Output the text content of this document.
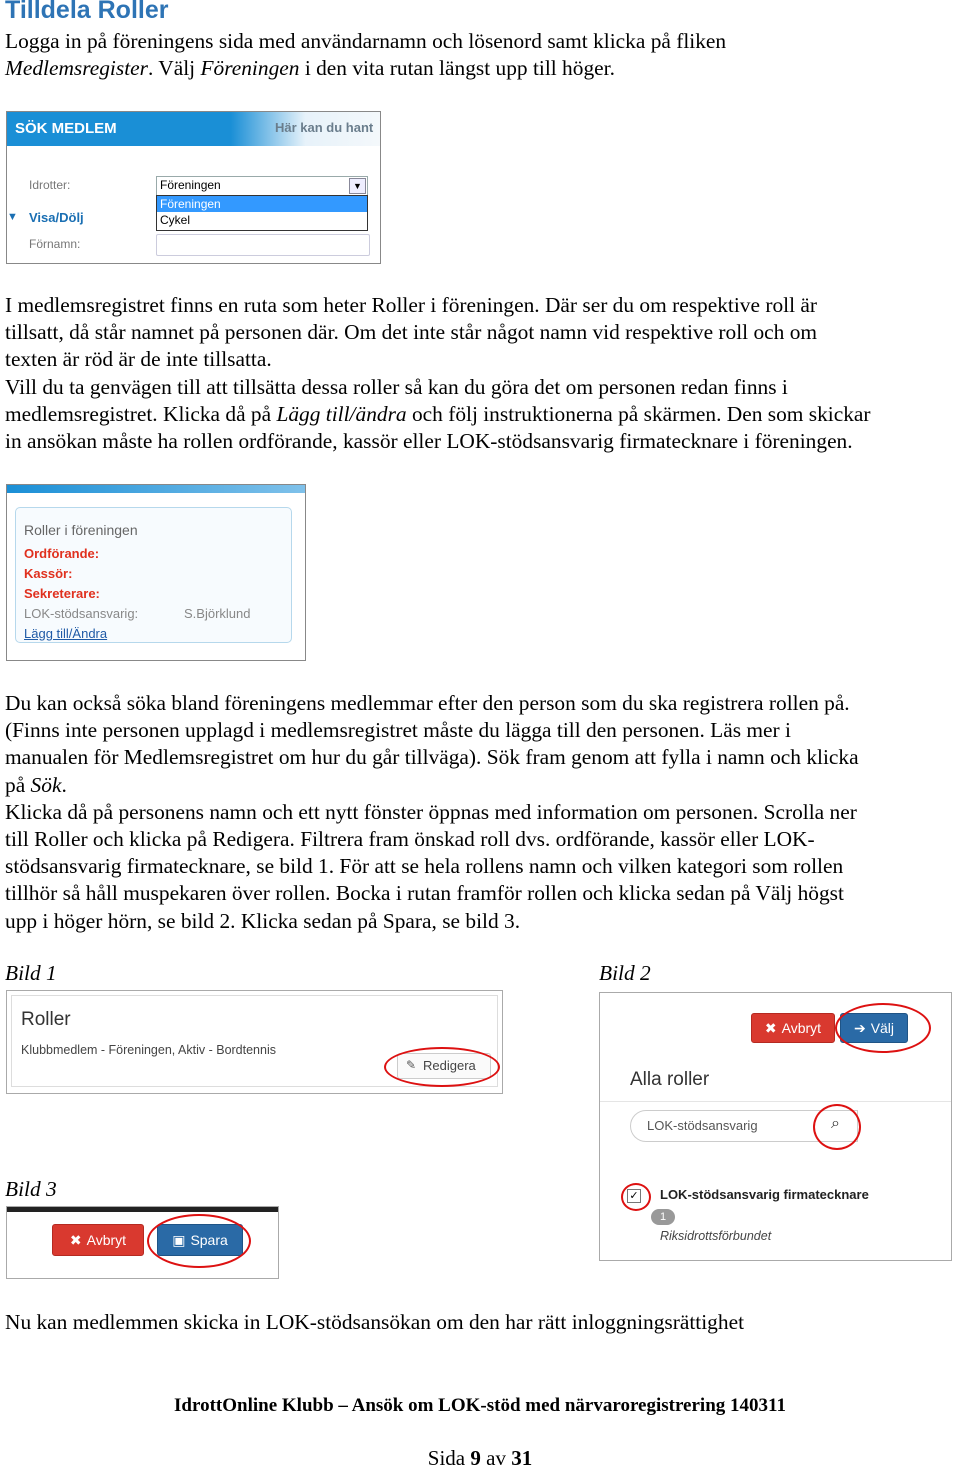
Tilldela Roller
Logga in på föreningens sida med användarnamn och lösenord samt klicka på fliken
Medlemsregister. Välj Föreningen i den vita rutan längst upp till höger.
SÖK MEDLEM	Här kan du hant
Idrotter:	Föreningen	▼
Föreningen
Cykel
▼ Visa/Dölj
Förnamn:
I medlemsregistret finns en ruta som heter Roller i föreningen. Där ser du om respektive roll är
tillsatt, då står namnet på personen där. Om det inte står något namn vid respektive roll och om
texten är röd är de inte tillsatta.
Vill du ta genvägen till att tillsätta dessa roller så kan du göra det om personen redan finns i
medlemsregistret. Klicka då på Lägg till/ändra och följ instruktionerna på skärmen. Den som skickar
in ansökan måste ha rollen ordförande, kassör eller LOK-stödsansvarig firmatecknare i föreningen.
Roller i föreningen
Ordförande:
Kassör:
Sekreterare:
LOK-stödsansvarig:	S.Björklund
Lägg till/Ändra
Du kan också söka bland föreningens medlemmar efter den person som du ska registrera rollen på.
(Finns inte personen upplagd i medlemsregistret måste du lägga till den personen. Läs mer i
manualen för Medlemsregistret om hur du går tillväga). Sök fram genom att fylla i namn och klicka
på Sök.
Klicka då på personens namn och ett nytt fönster öppnas med information om personen. Scrolla ner
till Roller och klicka på Redigera. Filtrera fram önskad roll dvs. ordförande, kassör eller LOK-
stödsansvarig firmatecknare, se bild 1. För att se hela rollens namn och vilken kategori som rollen
tillhör så håll muspekaren över rollen. Bocka i rutan framför rollen och klicka sedan på Välj högst
upp i höger hörn, se bild 2. Klicka sedan på Spara, se bild 3.
Bild 1	Bild 2
Bild 3
Roller
Klubbmedlem - Föreningen, Aktiv - Bordtennis
✎ Redigera
✖ Avbryt ➔ Välj
Alla roller
LOK-stödsansvarig	⌕
✓ LOK-stödsansvarig firmatecknare
1
Riksidrottsförbundet
✖ Avbryt	▣ Spara
Nu kan medlemmen skicka in LOK-stödsansökan om den har rätt inloggningsrättighet
IdrottOnline Klubb – Ansök om LOK-stöd med närvaroregistrering 140311
Sida 9 av 31
